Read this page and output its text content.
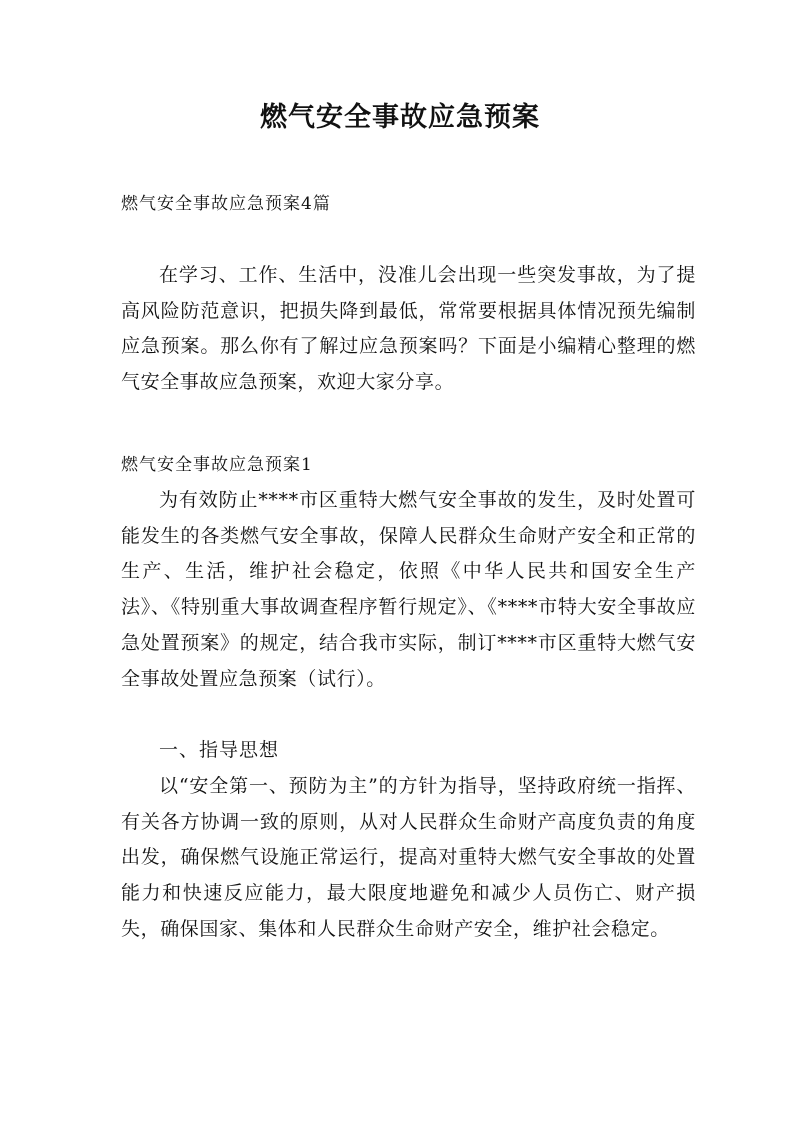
燃气安全事故应急预案

燃气安全事故应急预案4篇

在学习、工作、生活中，没准儿会出现一些突发事故，为了提高风险防范意识，把损失降到最低，常常要根据具体情况预先编制应急预案。那么你有了解过应急预案吗？下面是小编精心整理的燃气安全事故应急预案，欢迎大家分享。

燃气安全事故应急预案1

为有效防止****市区重特大燃气安全事故的发生，及时处置可能发生的各类燃气安全事故，保障人民群众生命财产安全和正常的生产、生活，维护社会稳定，依照《中华人民共和国安全生产法》、《特别重大事故调查程序暂行规定》、《****市特大安全事故应急处置预案》的规定，结合我市实际，制订****市区重特大燃气安全事故处置应急预案（试行）。

一、指导思想

以“安全第一、预防为主”的方针为指导，坚持政府统一指挥、有关各方协调一致的原则，从对人民群众生命财产高度负责的角度出发，确保燃气设施正常运行，提高对重特大燃气安全事故的处置能力和快速反应能力，最大限度地避免和减少人员伤亡、财产损失，确保国家、集体和人民群众生命财产安全，维护社会稳定。
